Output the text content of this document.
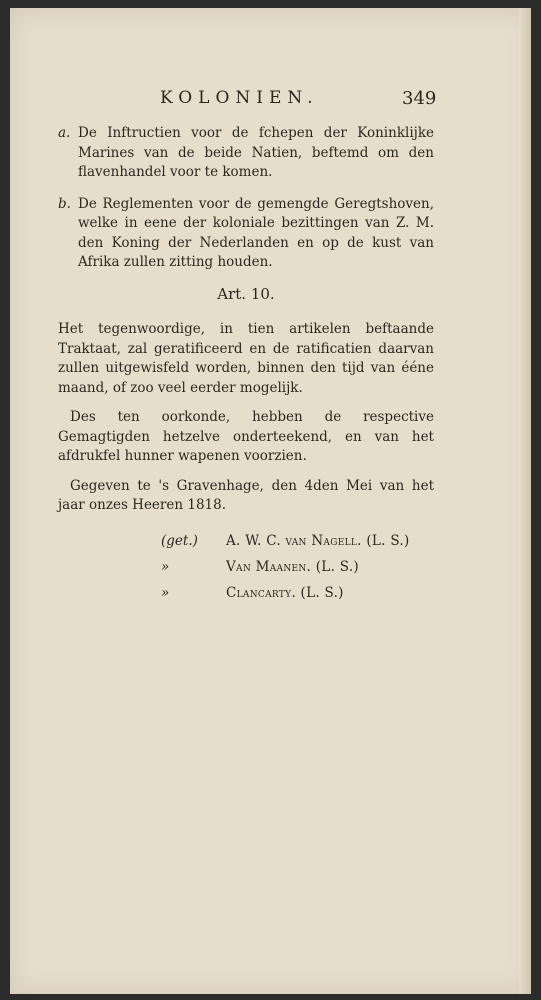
KOLONIEN.	349
a. De Inftructien voor de fchepen der Koninklijke Marines van de beide Natien, beftemd om den flavenhandel voor te komen.
b. De Reglementen voor de gemengde Geregtshoven, welke in eene der koloniale bezittingen van Z. M. den Koning der Nederlanden en op de kust van Afrika zullen zitting houden.
Art. 10.

Het tegenwoordige, in tien artikelen beftaande Traktaat, zal geratificeerd en de ratificatien daarvan zullen uitgewisfeld worden, binnen den tijd van ééne maand, of zoo veel eerder mogelijk.

Des ten oorkonde, hebben de respective Gemagtigden hetzelve onderteekend, en van het afdrukfel hunner wapenen voorzien.

Gegeven te 's Gravenhage, den 4den Mei van het jaar onzes Heeren 1818.

(get.) A. W. C. van Nagell. (L. S.)
»	Van Maanen. (L. S.)
»	Clancarty. (L. S.)
